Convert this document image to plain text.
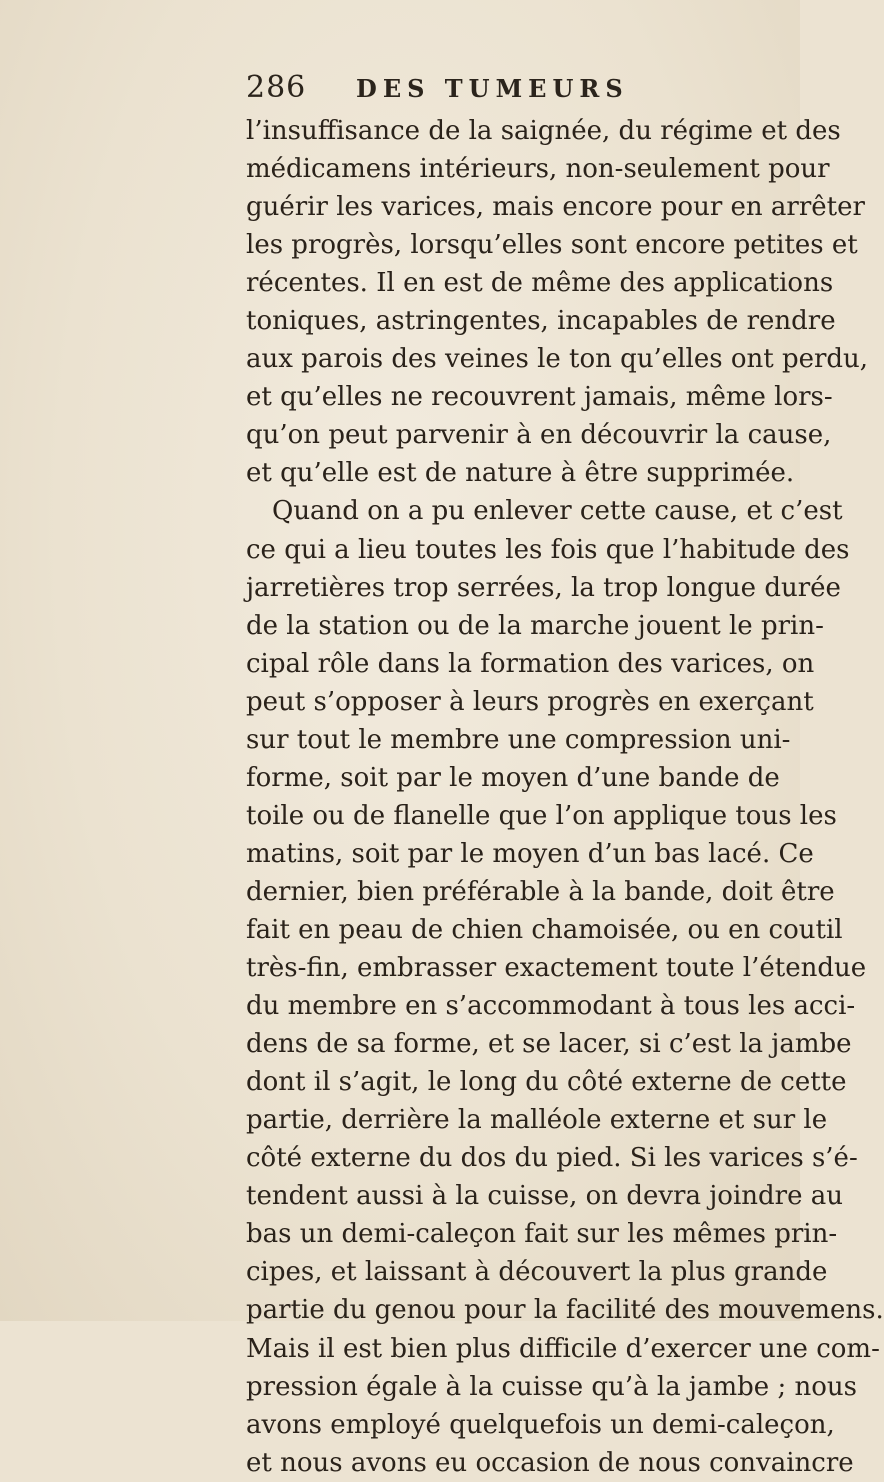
286 DES TUMEURS
l’insuffisance de la saignée, du régime et des
médicamens intérieurs, non-seulement pour
guérir les varices, mais encore pour en arrêter
les progrès, lorsqu’elles sont encore petites et
récentes. Il en est de même des applications
toniques, astringentes, incapables de rendre
aux parois des veines le ton qu’elles ont perdu,
et qu’elles ne recouvrent jamais, même lors-
qu’on peut parvenir à en découvrir la cause,
et qu’elle est de nature à être supprimée.
Quand on a pu enlever cette cause, et c’est
ce qui a lieu toutes les fois que l’habitude des
jarretières trop serrées, la trop longue durée
de la station ou de la marche jouent le prin-
cipal rôle dans la formation des varices, on
peut s’opposer à leurs progrès en exerçant
sur tout le membre une compression uni-
forme, soit par le moyen d’une bande de
toile ou de flanelle que l’on applique tous les
matins, soit par le moyen d’un bas lacé. Ce
dernier, bien préférable à la bande, doit être
fait en peau de chien chamoisée, ou en coutil
très-fin, embrasser exactement toute l’étendue
du membre en s’accommodant à tous les acci-
dens de sa forme, et se lacer, si c’est la jambe
dont il s’agit, le long du côté externe de cette
partie, derrière la malléole externe et sur le
côté externe du dos du pied. Si les varices s’é-
tendent aussi à la cuisse, on devra joindre au
bas un demi-caleçon fait sur les mêmes prin-
cipes, et laissant à découvert la plus grande
partie du genou pour la facilité des mouvemens.
Mais il est bien plus difficile d’exercer une com-
pression égale à la cuisse qu’à la jambe ; nous
avons employé quelquefois un demi-caleçon,
et nous avons eu occasion de nous convaincre
